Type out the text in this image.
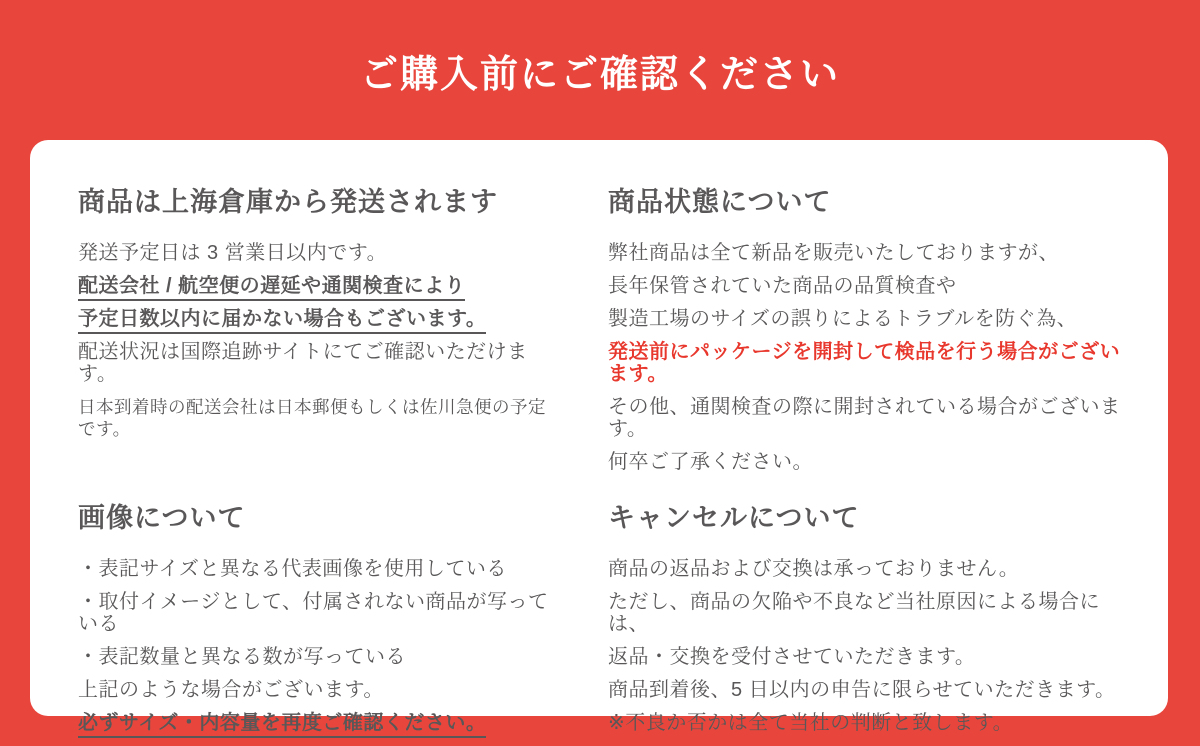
ご購入前にご確認ください
商品は上海倉庫から発送されます

発送予定日は 3 営業日以内です。

配送会社 / 航空便の遅延や通関検査により

予定日数以内に届かない場合もございます。

配送状況は国際追跡サイトにてご確認いただけます。

日本到着時の配送会社は日本郵便もしくは佐川急便の予定です。

商品状態について

弊社商品は全て新品を販売いたしておりますが、

長年保管されていた商品の品質検査や

製造工場のサイズの誤りによるトラブルを防ぐ為、

発送前にパッケージを開封して検品を行う場合がございます。

その他、通関検査の際に開封されている場合がございます。

何卒ご了承ください。

画像について

・表記サイズと異なる代表画像を使用している

・取付イメージとして、付属されない商品が写っている

・表記数量と異なる数が写っている

上記のような場合がございます。

必ずサイズ・内容量を再度ご確認ください。

キャンセルについて

商品の返品および交換は承っておりません。

ただし、商品の欠陥や不良など当社原因による場合には、

返品・交換を受付させていただきます。

商品到着後、5 日以内の申告に限らせていただきます。

※不良か否かは全て当社の判断と致します。
